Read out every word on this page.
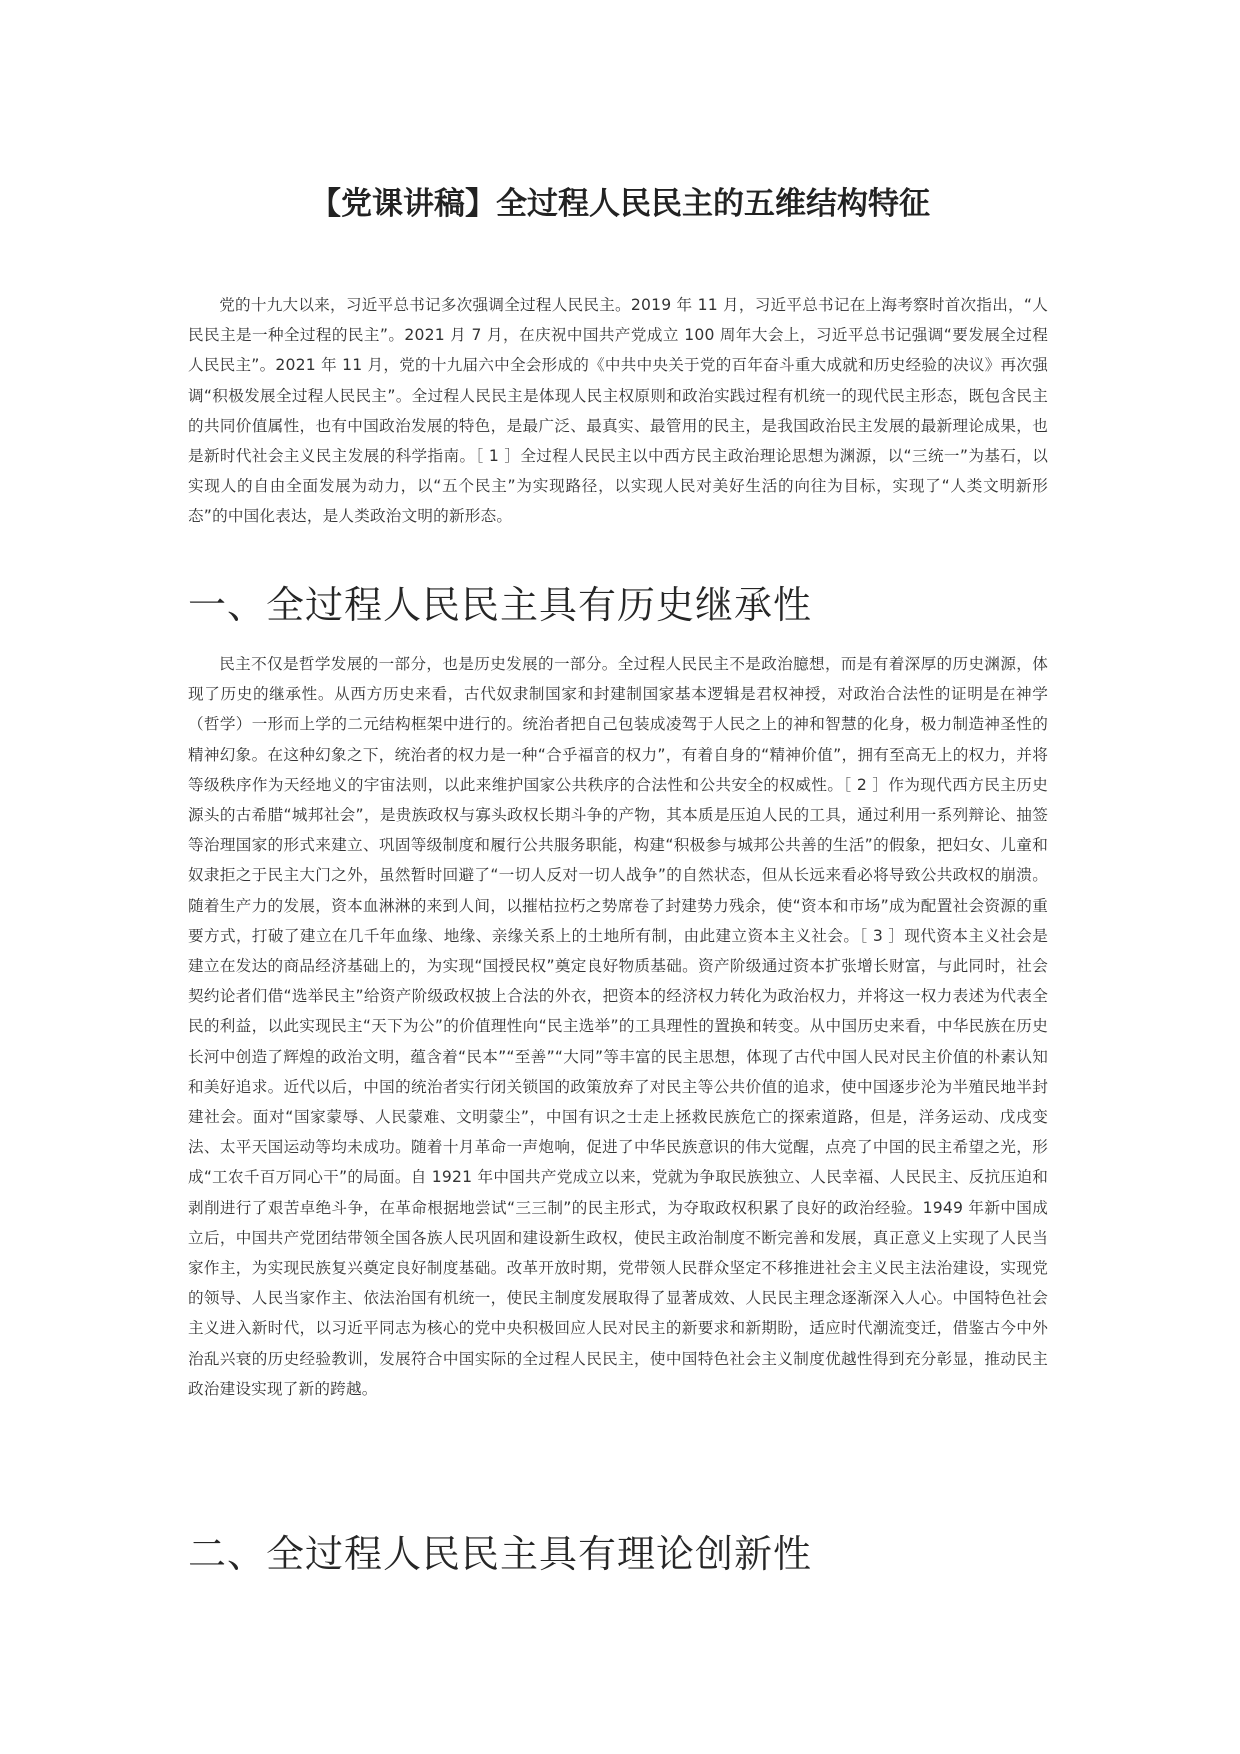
【党课讲稿】全过程人民民主的五维结构特征

党的十九大以来，习近平总书记多次强调全过程人民民主。2019 年 11 月，习近平总书记在上海考察时首次指出，“人民民主是一种全过程的民主”。2021 月 7 月，在庆祝中国共产党成立 100 周年大会上，习近平总书记强调“要发展全过程人民民主”。2021 年 11 月，党的十九届六中全会形成的《中共中央关于党的百年奋斗重大成就和历史经验的决议》再次强调“积极发展全过程人民民主”。全过程人民民主是体现人民主权原则和政治实践过程有机统一的现代民主形态，既包含民主的共同价值属性，也有中国政治发展的特色，是最广泛、最真实、最管用的民主，是我国政治民主发展的最新理论成果，也是新时代社会主义民主发展的科学指南。［ 1 ］全过程人民民主以中西方民主政治理论思想为渊源，以“三统一”为基石，以实现人的自由全面发展为动力，以“五个民主”为实现路径，以实现人民对美好生活的向往为目标，实现了“人类文明新形态”的中国化表达，是人类政治文明的新形态。

一、全过程人民民主具有历史继承性

民主不仅是哲学发展的一部分，也是历史发展的一部分。全过程人民民主不是政治臆想，而是有着深厚的历史渊源，体现了历史的继承性。从西方历史来看，古代奴隶制国家和封建制国家基本逻辑是君权神授，对政治合法性的证明是在神学（哲学）一形而上学的二元结构框架中进行的。统治者把自己包装成凌驾于人民之上的神和智慧的化身，极力制造神圣性的精神幻象。在这种幻象之下，统治者的权力是一种“合乎福音的权力”，有着自身的“精神价值”，拥有至高无上的权力，并将等级秩序作为天经地义的宇宙法则，以此来维护国家公共秩序的合法性和公共安全的权威性。［ 2 ］作为现代西方民主历史源头的古希腊“城邦社会”，是贵族政权与寡头政权长期斗争的产物，其本质是压迫人民的工具，通过利用一系列辩论、抽签等治理国家的形式来建立、巩固等级制度和履行公共服务职能，构建“积极参与城邦公共善的生活”的假象，把妇女、儿童和奴隶拒之于民主大门之外，虽然暂时回避了“一切人反对一切人战争”的自然状态，但从长远来看必将导致公共政权的崩溃。随着生产力的发展，资本血淋淋的来到人间，以摧枯拉朽之势席卷了封建势力残余，使“资本和市场”成为配置社会资源的重要方式，打破了建立在几千年血缘、地缘、亲缘关系上的土地所有制，由此建立资本主义社会。［ 3 ］现代资本主义社会是建立在发达的商品经济基础上的，为实现“国授民权”奠定良好物质基础。资产阶级通过资本扩张增长财富，与此同时，社会契约论者们借“选举民主”给资产阶级政权披上合法的外衣，把资本的经济权力转化为政治权力，并将这一权力表述为代表全民的利益，以此实现民主“天下为公”的价值理性向“民主选举”的工具理性的置换和转变。从中国历史来看，中华民族在历史长河中创造了辉煌的政治文明，蕴含着“民本”“至善”“大同”等丰富的民主思想，体现了古代中国人民对民主价值的朴素认知和美好追求。近代以后，中国的统治者实行闭关锁国的政策放弃了对民主等公共价值的追求，使中国逐步沦为半殖民地半封建社会。面对“国家蒙辱、人民蒙难、文明蒙尘”，中国有识之士走上拯救民族危亡的探索道路，但是，洋务运动、戊戌变法、太平天国运动等均未成功。随着十月革命一声炮响，促进了中华民族意识的伟大觉醒，点亮了中国的民主希望之光，形成“工农千百万同心干”的局面。自 1921 年中国共产党成立以来，党就为争取民族独立、人民幸福、人民民主、反抗压迫和剥削进行了艰苦卓绝斗争，在革命根据地尝试“三三制”的民主形式，为夺取政权积累了良好的政治经验。1949 年新中国成立后，中国共产党团结带领全国各族人民巩固和建设新生政权，使民主政治制度不断完善和发展，真正意义上实现了人民当家作主，为实现民族复兴奠定良好制度基础。改革开放时期，党带领人民群众坚定不移推进社会主义民主法治建设，实现党的领导、人民当家作主、依法治国有机统一，使民主制度发展取得了显著成效、人民民主理念逐渐深入人心。中国特色社会主义进入新时代，以习近平同志为核心的党中央积极回应人民对民主的新要求和新期盼，适应时代潮流变迁，借鉴古今中外治乱兴衰的历史经验教训，发展符合中国实际的全过程人民民主，使中国特色社会主义制度优越性得到充分彰显，推动民主政治建设实现了新的跨越。

二、全过程人民民主具有理论创新性
